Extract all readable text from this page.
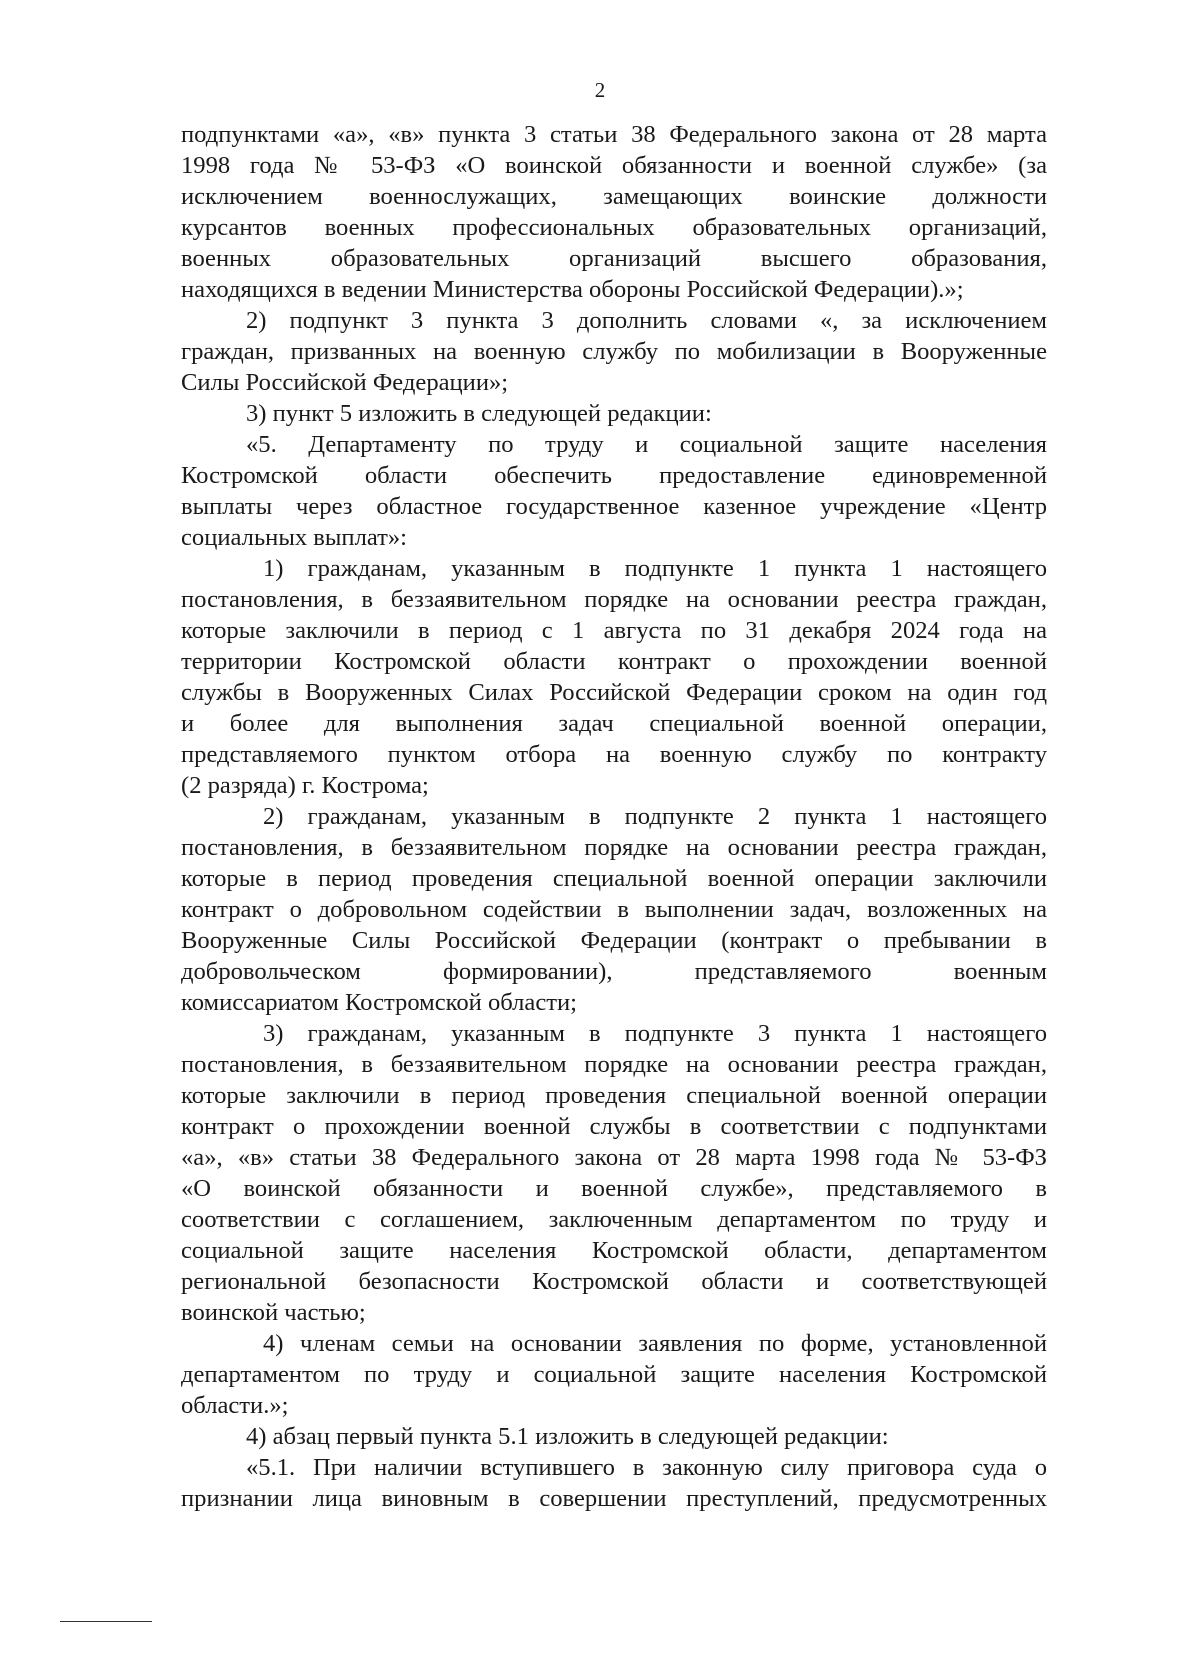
2
подпунктами «а», «в» пункта 3 статьи 38 Федерального закона от 28 марта
1998 года № 53-ФЗ «О воинской обязанности и военной службе» (за
исключением военнослужащих, замещающих воинские должности
курсантов военных профессиональных образовательных организаций,
военных образовательных организаций высшего образования,
находящихся в ведении Министерства обороны Российской Федерации).»;
2) подпункт 3 пункта 3 дополнить словами «, за исключением
граждан, призванных на военную службу по мобилизации в Вооруженные
Силы Российской Федерации»;
3) пункт 5 изложить в следующей редакции:
«5. Департаменту по труду и социальной защите населения
Костромской области обеспечить предоставление единовременной
выплаты через областное государственное казенное учреждение «Центр
социальных выплат»:
1) гражданам, указанным в подпункте 1 пункта 1 настоящего
постановления, в беззаявительном порядке на основании реестра граждан,
которые заключили в период с 1 августа по 31 декабря 2024 года на
территории Костромской области контракт о прохождении военной
службы в Вооруженных Силах Российской Федерации сроком на один год
и более для выполнения задач специальной военной операции,
представляемого пунктом отбора на военную службу по контракту
(2 разряда) г. Кострома;
2) гражданам, указанным в подпункте 2 пункта 1 настоящего
постановления, в беззаявительном порядке на основании реестра граждан,
которые в период проведения специальной военной операции заключили
контракт о добровольном содействии в выполнении задач, возложенных на
Вооруженные Силы Российской Федерации (контракт о пребывании в
добровольческом формировании), представляемого военным
комиссариатом Костромской области;
3) гражданам, указанным в подпункте 3 пункта 1 настоящего
постановления, в беззаявительном порядке на основании реестра граждан,
которые заключили в период проведения специальной военной операции
контракт о прохождении военной службы в соответствии с подпунктами
«а», «в» статьи 38 Федерального закона от 28 марта 1998 года № 53-ФЗ
«О воинской обязанности и военной службе», представляемого в
соответствии с соглашением, заключенным департаментом по труду и
социальной защите населения Костромской области, департаментом
региональной безопасности Костромской области и соответствующей
воинской частью;
4) членам семьи на основании заявления по форме, установленной
департаментом по труду и социальной защите населения Костромской
области.»;
4) абзац первый пункта 5.1 изложить в следующей редакции:
«5.1. При наличии вступившего в законную силу приговора суда о
признании лица виновным в совершении преступлений, предусмотренных
